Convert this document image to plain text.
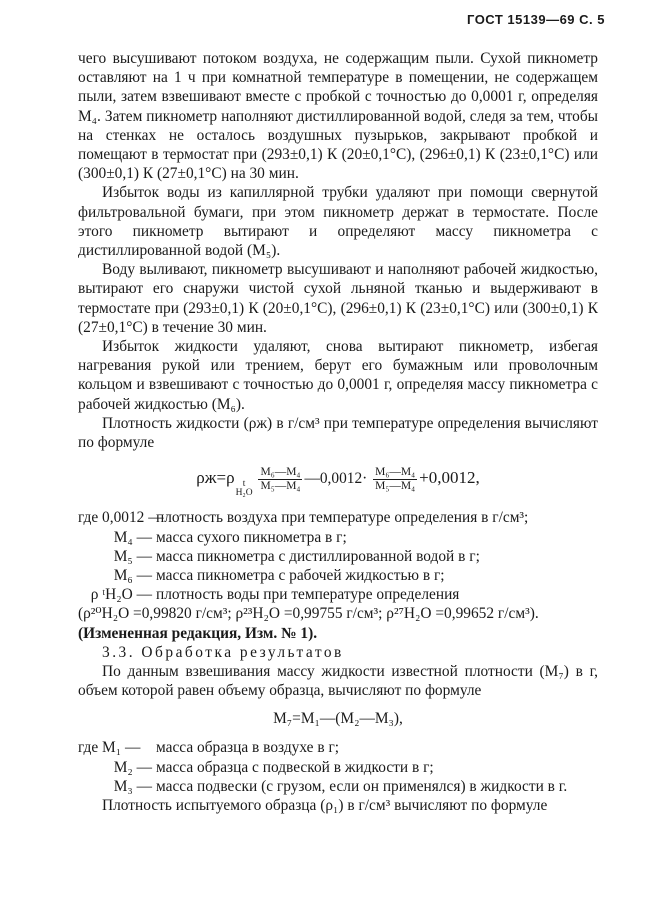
ГОСТ 15139—69 С. 5

чего высушивают потоком воздуха, не содержащим пыли. Сухой пикнометр оставляют на 1 ч при комнатной температуре в помещении, не содержащем пыли, затем взвешивают вместе с пробкой с точностью до 0,0001 г, определяя M₄. Затем пикнометр наполняют дистиллированной водой, следя за тем, чтобы на стенках не осталось воздушных пузырьков, закрывают пробкой и помещают в термостат при (293±0,1) К (20±0,1°С), (296±0,1) К (23±0,1°С) или (300±0,1) К (27±0,1°С) на 30 мин.

Избыток воды из капиллярной трубки удаляют при помощи свернутой фильтровальной бумаги, при этом пикнометр держат в термостате. После этого пикнометр вытирают и определяют массу пикнометра с дистиллированной водой (M₅).

Воду выливают, пикнометр высушивают и наполняют рабочей жидкостью, вытирают его снаружи чистой сухой льняной тканью и выдерживают в термостате при (293±0,1) К (20±0,1°С), (296±0,1) К (23±0,1°С) или (300±0,1) К (27±0,1°С) в течение 30 мин.

Избыток жидкости удаляют, снова вытирают пикнометр, избегая нагревания рукой или трением, берут его бумажным или проволочным кольцом и взвешивают с точностью до 0,0001 г, определяя массу пикнометра с рабочей жидкостью (M₆).

Плотность жидкости (ρж) в г/см³ при температуре определения вычисляют по формуле

ρж=ρ t
H₂O

$\frac{\text{M₆—M₄}}{\text{M₅—M₄}}$ —0,0012· $\frac{\text{M₆—M₄}}{\text{M₅—M₄}} +0,0012$,
где 0,0012 —
плотность воздуха при температуре определения в г/см³;
M₄ — масса сухого пикнометра в г;
M₅ — масса пикнометра с дистиллированной водой в г;
M₆ — масса пикнометра с рабочей жидкостью в г;
ρ ᵗH₂O — плотность воды при температуре определения

(ρ²⁰H₂O =0,99820 г/см³; ρ²³H₂O =0,99755 г/см³; ρ²⁷H₂O =0,99652 г/см³).

(Измененная редакция, Изм. № 1).

3.3. Обработка результатов

По данным взвешивания массу жидкости известной плотности (M₇) в г, объем которой равен объему образца, вычисляют по формуле

M₇=M₁—(M₂—M₃),
где M₁ —	масса образца в воздухе в г;
M₂ — масса образца с подвеской в жидкости в г;
M₃ — масса подвески (с грузом, если он применялся) в жидкости в г.

Плотность испытуемого образца (ρ₁) в г/см³ вычисляют по формуле
